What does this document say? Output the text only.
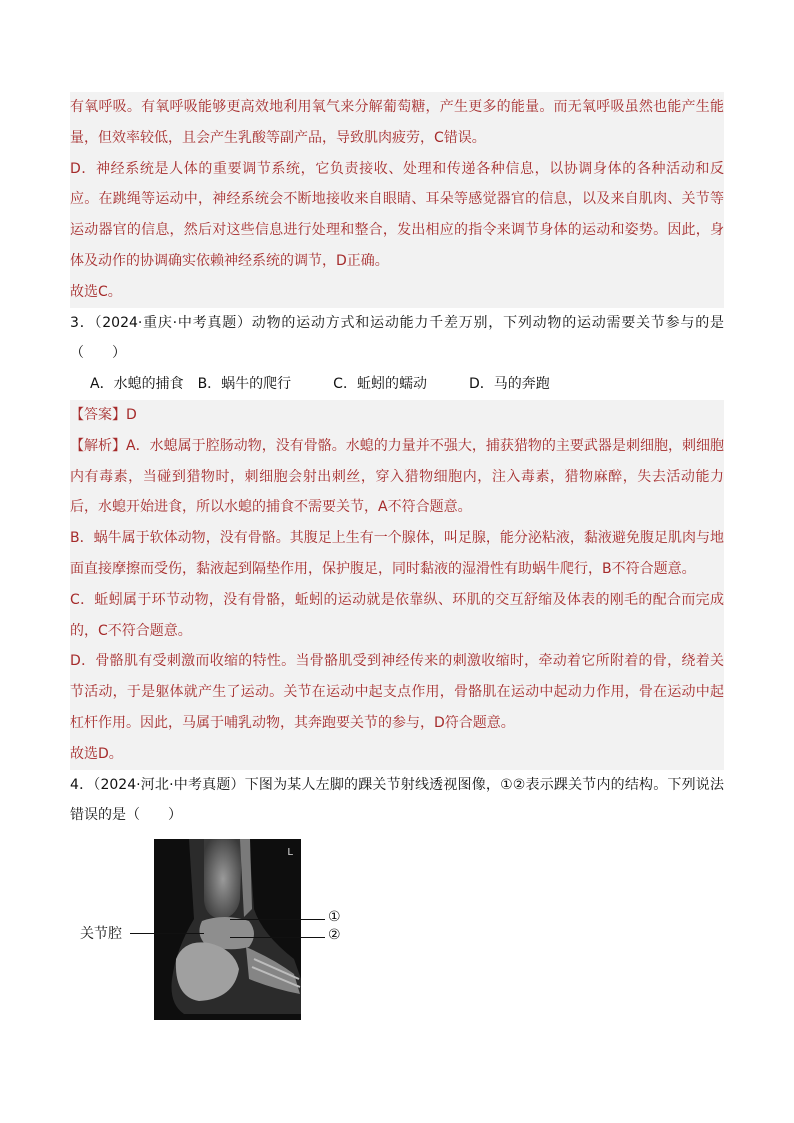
有氧呼吸。有氧呼吸能够更高效地利用氧气来分解葡萄糖，产生更多的能量。而无氧呼吸虽然也能产生能量，但效率较低，且会产生乳酸等副产品，导致肌肉疲劳，C错误。
D．神经系统是人体的重要调节系统，它负责接收、处理和传递各种信息，以协调身体的各种活动和反应。在跳绳等运动中，神经系统会不断地接收来自眼睛、耳朵等感觉器官的信息，以及来自肌肉、关节等运动器官的信息，然后对这些信息进行处理和整合，发出相应的指令来调节身体的运动和姿势。因此，身体及动作的协调确实依赖神经系统的调节，D正确。
故选C。
3．（2024·重庆·中考真题）动物的运动方式和运动能力千差万别，下列动物的运动需要关节参与的是（　　）
A．水螅的捕食　B．蜗牛的爬行　　　C．蚯蚓的蠕动　　　D．马的奔跑
【答案】D
【解析】A．水螅属于腔肠动物，没有骨骼。水螅的力量并不强大，捕获猎物的主要武器是刺细胞，刺细胞内有毒素，当碰到猎物时，刺细胞会射出刺丝，穿入猎物细胞内，注入毒素，猎物麻醉，失去活动能力后，水螅开始进食，所以水螅的捕食不需要关节，A不符合题意。
B．蜗牛属于软体动物，没有骨骼。其腹足上生有一个腺体，叫足腺，能分泌粘液，黏液避免腹足肌肉与地面直接摩擦而受伤，黏液起到隔垫作用，保护腹足，同时黏液的湿滑性有助蜗牛爬行，B不符合题意。
C．蚯蚓属于环节动物，没有骨骼，蚯蚓的运动就是依靠纵、环肌的交互舒缩及体表的刚毛的配合而完成的，C不符合题意。
D．骨骼肌有受刺激而收缩的特性。当骨骼肌受到神经传来的刺激收缩时，牵动着它所附着的骨，绕着关节活动，于是躯体就产生了运动。关节在运动中起支点作用，骨骼肌在运动中起动力作用，骨在运动中起杠杆作用。因此，马属于哺乳动物，其奔跑要关节的参与，D符合题意。
故选D。
4．（2024·河北·中考真题）下图为某人左脚的踝关节射线透视图像，①②表示踝关节内的结构。下列说法错误的是（　　）
L
关节腔
①
②
